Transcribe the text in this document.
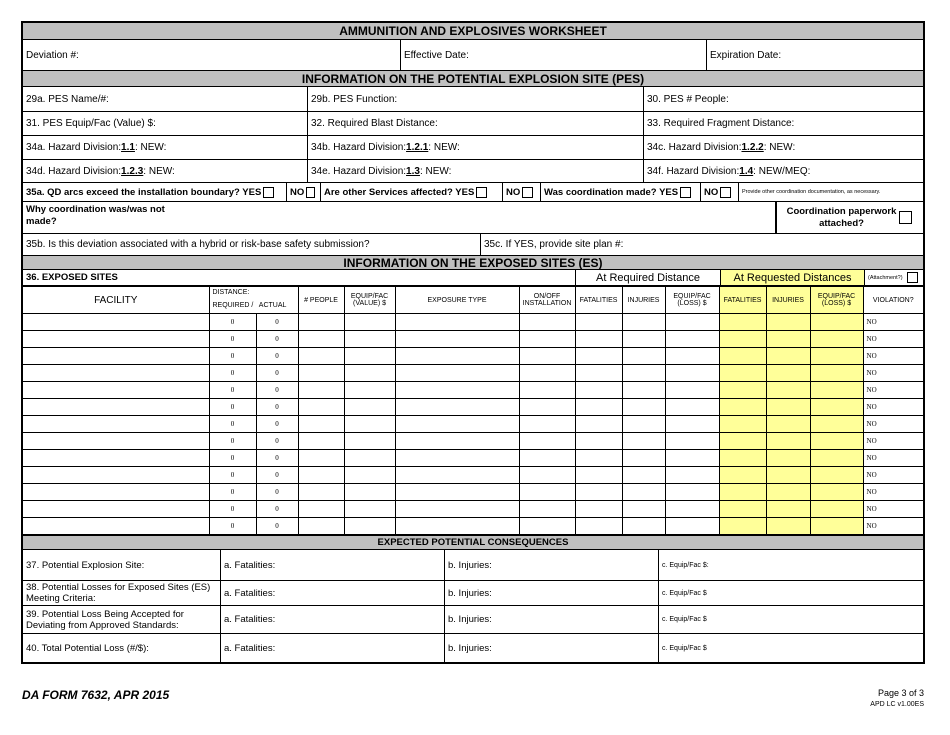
AMMUNITION AND EXPLOSIVES WORKSHEET
Deviation #:	Effective Date:	Expiration Date:
INFORMATION ON THE POTENTIAL EXPLOSION SITE (PES)
29a. PES Name/#:	29b. PES Function:	30. PES # People:
31. PES Equip/Fac (Value) $:	32. Required Blast Distance:	33. Required Fragment Distance:
34a. Hazard Division: 1.1 : NEW:	34b. Hazard Division: 1.2.1 : NEW:	34c. Hazard Division: 1.2.2 : NEW:
34d. Hazard Division: 1.2.3 : NEW:	34e. Hazard Division: 1.3 : NEW:	34f. Hazard Division: 1.4 : NEW/MEQ:
35a. QD arcs exceed the installation boundary? YES	NO Are other Services affected? YES	NO	Was coordination made? YES	NO	Provide other coordination documentation, as necessary.
Why coordination was/was not made?
Coordination paperwork attached?
35b. Is this deviation associated with a hybrid or risk-base safety submission?	35c. If YES, provide site plan #:
INFORMATION ON THE EXPOSED SITES (ES)
36. EXPOSED SITES	At Required Distance	At Requested Distances	(Attachment?)
FACILITY	DISTANCE:
REQUIRED / ACTUAL		# PEOPLE	EQUIP/FAC (VALUE) $	EXPOSURE TYPE	ON/OFF INSTALLATION	FATALITIES	INJURIES	EQUIP/FAC (LOSS) $	FATALITIES	INJURIES	EQUIP/FAC (LOSS) $	VIOLATION?
	0	0											NO
	0	0											NO
	0	0											NO
	0	0											NO
	0	0											NO
	0	0											NO
	0	0											NO
	0	0											NO
	0	0											NO
	0	0											NO
	0	0											NO
	0	0											NO
	0	0											NO
EXPECTED POTENTIAL CONSEQUENCES
37. Potential Explosion Site:	a. Fatalities:	b. Injuries:	c. Equip/Fac $:
38. Potential Losses for Exposed Sites (ES) Meeting Criteria:	a. Fatalities:	b. Injuries:	c. Equip/Fac $
39. Potential Loss Being Accepted for Deviating from Approved Standards:	a. Fatalities:	b. Injuries:	c. Equip/Fac $
40. Total Potential Loss (#/$):	a. Fatalities:	b. Injuries:	c. Equip/Fac $
DA FORM 7632, APR 2015	Page 3 of 3
APD LC v1.00ES
